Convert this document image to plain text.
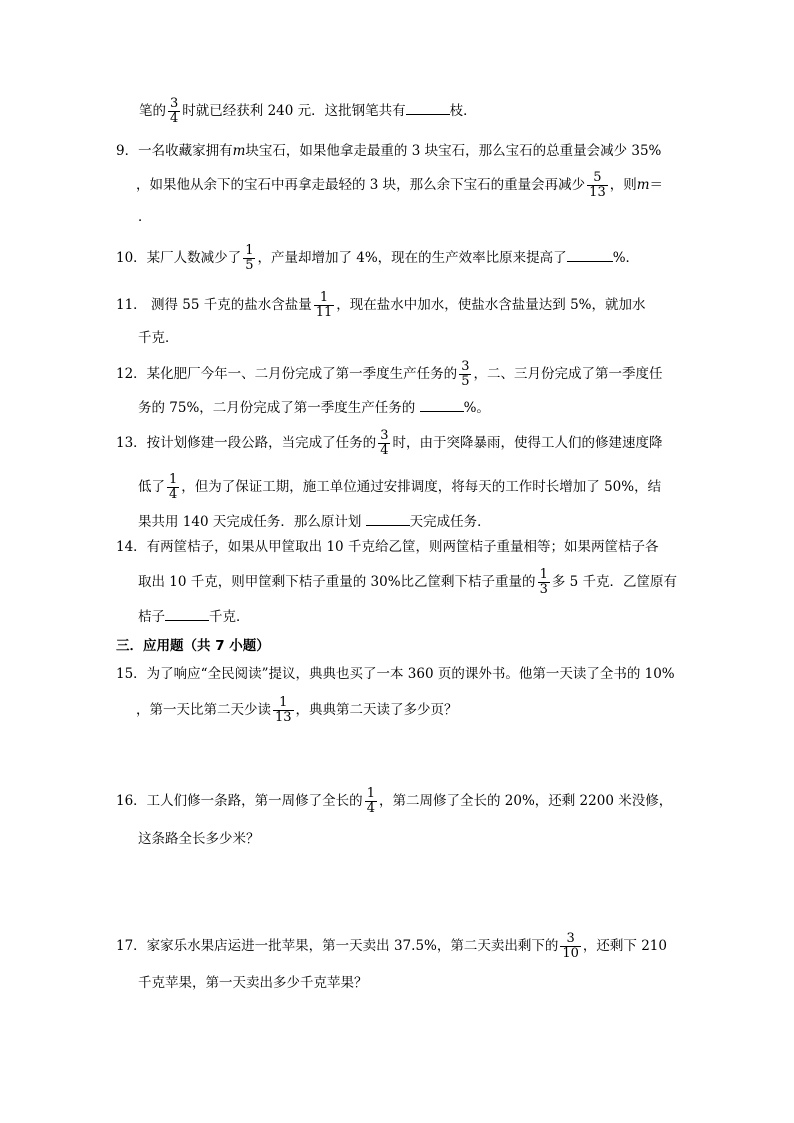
笔的 $\frac{3}{4}$ 时就已经获利 240 元．这批钢笔共有	枝．
9．一名收藏家拥有m块宝石，如果他拿走最重的 3 块宝石，那么宝石的总重量会减少 35%
，如果他从余下的宝石中再拿走最轻的 3 块，那么余下宝石的重量会再减少 $\frac{5}{13}$ ，则m＝
．
10．某厂人数减少了 $\frac{1}{5}$ ，产量却增加了 4%，现在的生产效率比原来提高了	%．
11． 测得 55 千克的盐水含盐量 $\frac{1}{11}$ ，现在盐水中加水，使盐水含盐量达到 5%，就加水
千克．
12．某化肥厂今年一、二月份完成了第一季度生产任务的 $\frac{3}{5}$ ，二、三月份完成了第一季度任
务的 75%，二月份完成了第一季度生产任务的	%。
13．按计划修建一段公路，当完成了任务的 $\frac{3}{4}$ 时，由于突降暴雨，使得工人们的修建速度降
低了 $\frac{1}{4}$ ，但为了保证工期，施工单位通过安排调度，将每天的工作时长增加了 50%，结
果共用 140 天完成任务．那么原计划	天完成任务．
14．有两筐桔子，如果从甲筐取出 10 千克给乙筐，则两筐桔子重量相等；如果两筐桔子各
取出 10 千克，则甲筐剩下桔子重量的 30%比乙筐剩下桔子重量的 $\frac{1}{3}$ 多 5 千克．乙筐原有
桔子	千克．
三．应用题（共 7 小题）
15．为了响应“全民阅读”提议，典典也买了一本 360 页的课外书。他第一天读了全书的 10%
，第一天比第二天少读 $\frac{1}{13}$ ，典典第二天读了多少页？
16．工人们修一条路，第一周修了全长的 $\frac{1}{4}$ ，第二周修了全长的 20%，还剩 2200 米没修，
这条路全长多少米？
17．家家乐水果店运进一批苹果，第一天卖出 37.5%，第二天卖出剩下的 $\frac{3}{10}$ ，还剩下 210
千克苹果，第一天卖出多少千克苹果？
